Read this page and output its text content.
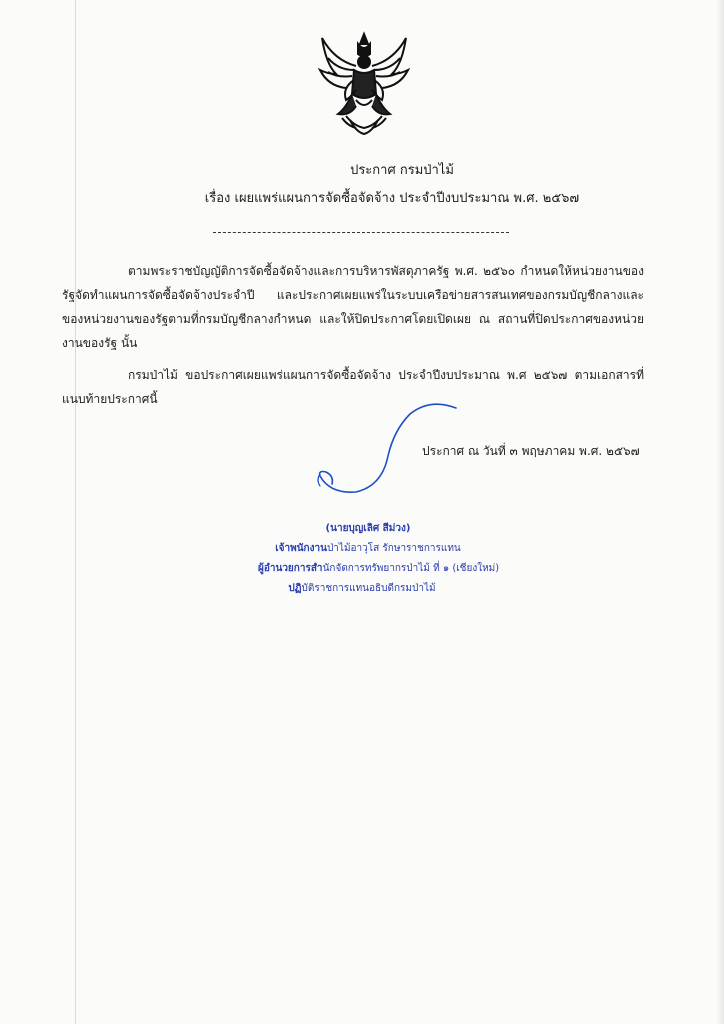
ประกาศ กรมป่าไม้
เรื่อง เผยแพร่แผนการจัดซื้อจัดจ้าง ประจำปีงบประมาณ พ.ศ. ๒๕๖๗
ตามพระราชบัญญัติการจัดซื้อจัดจ้างและการบริหารพัสดุภาครัฐ พ.ศ. ๒๕๖๐ กำหนดให้หน่วยงานของรัฐจัดทำแผนการจัดซื้อจัดจ้างประจำปี และประกาศเผยแพร่ในระบบเครือข่ายสารสนเทศของกรมบัญชีกลางและของหน่วยงานของรัฐตามที่กรมบัญชีกลางกำหนด และให้ปิดประกาศโดยเปิดเผย ณ สถานที่ปิดประกาศของหน่วยงานของรัฐ นั้น
กรมป่าไม้ ขอประกาศเผยแพร่แผนการจัดซื้อจัดจ้าง ประจำปีงบประมาณ พ.ศ ๒๕๖๗ ตามเอกสารที่แนบท้ายประกาศนี้
ประกาศ ณ วันที่ ๓ พฤษภาคม พ.ศ. ๒๕๖๗
(นายบุญเลิศ สีม่วง)
เจ้าพนักงานป่าไม้อาวุโส รักษาราชการแทน
ผู้อำนวยการสำนักจัดการทรัพยากรป่าไม้ ที่ ๑ (เชียงใหม่)
ปฏิบัติราชการแทนอธิบดีกรมป่าไม้
